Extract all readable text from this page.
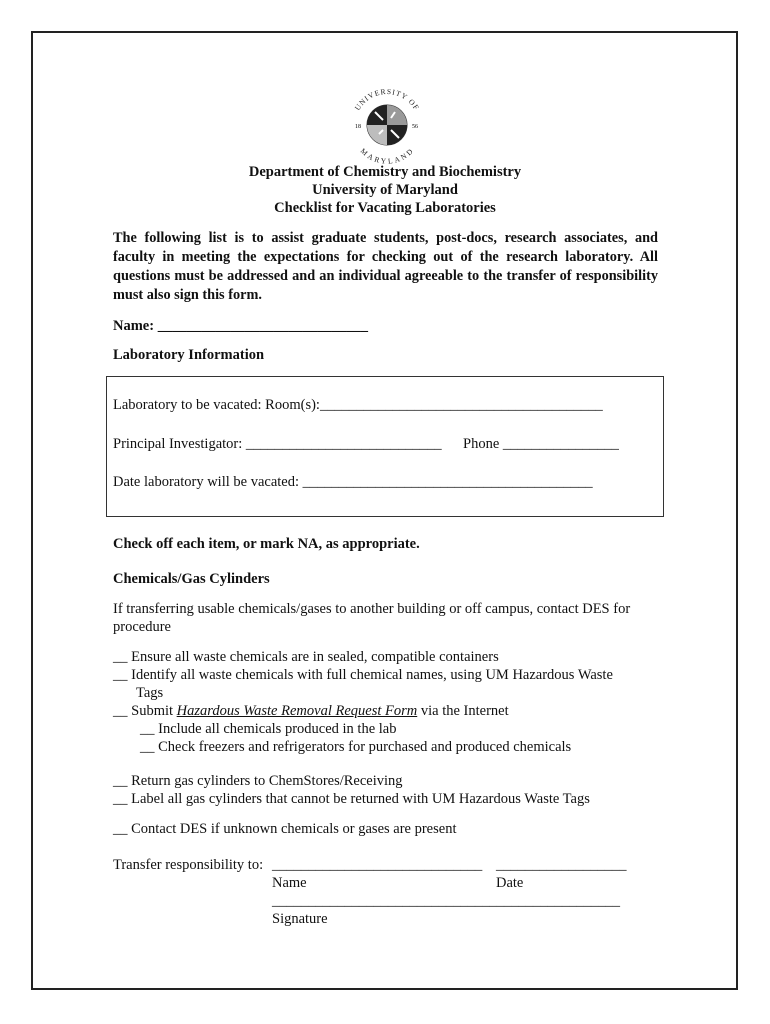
UNIVERSITY OF
MARYLAND
18	56
Department of Chemistry and Biochemistry
University of Maryland
Checklist for Vacating Laboratories
The following list is to assist graduate students, post-docs, research associates, and faculty in meeting the expectations for checking out of the research laboratory. All questions must be addressed and an individual agreeable to the transfer of responsibility must also sign this form.
Name: _____________________________
Laboratory Information
Laboratory to be vacated: Room(s):_______________________________________
Principal Investigator: ___________________________ Phone ________________
Date laboratory will be vacated: ________________________________________
Check off each item, or mark NA, as appropriate.
Chemicals/Gas Cylinders
If transferring usable chemicals/gases to another building or off campus, contact DES for
procedure
__ Ensure all waste chemicals are in sealed, compatible containers
__ Identify all waste chemicals with full chemical names, using UM Hazardous Waste
Tags
__ Submit Hazardous Waste Removal Request Form via the Internet
__ Include all chemicals produced in the lab
__ Check freezers and refrigerators for purchased and produced chemicals
__ Return gas cylinders to ChemStores/Receiving
__ Label all gas cylinders that cannot be returned with UM Hazardous Waste Tags
__ Contact DES if unknown chemicals or gases are present
Transfer responsibility to: _____________________________ __________________
Name	Date
________________________________________________
Signature
